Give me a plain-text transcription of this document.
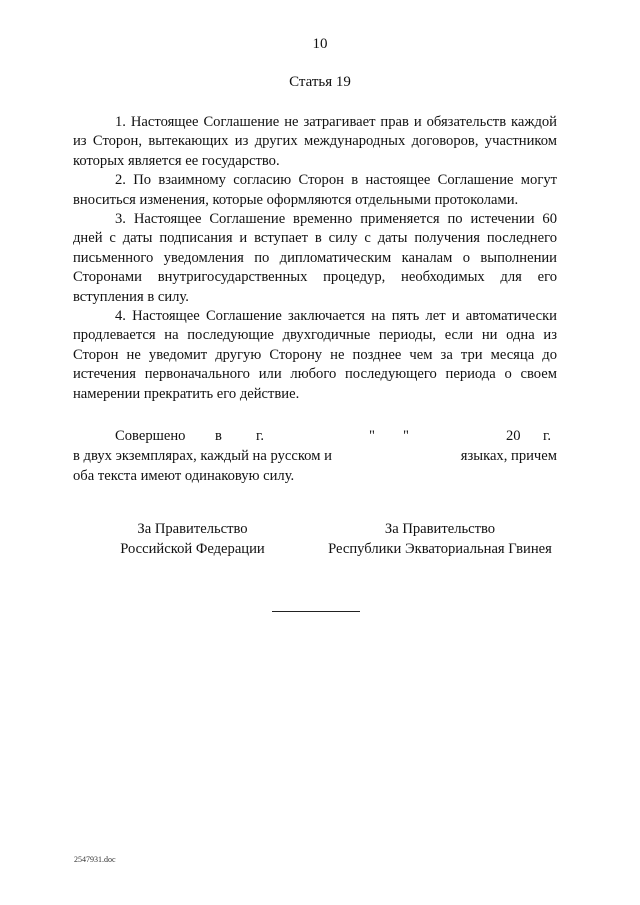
10
Статья 19

1. Настоящее Соглашение не затрагивает прав и обязательств каждой из Сторон, вытекающих из других международных договоров, участником которых является ее государство.

2. По взаимному согласию Сторон в настоящее Соглашение могут вноситься изменения, которые оформляются отдельными протоколами.

3. Настоящее Соглашение временно применяется по истечении 60 дней с даты подписания и вступает в силу с даты получения последнего письменного уведомления по дипломатическим каналам о выполнении Сторонами внутригосударственных процедур, необходимых для его вступления в силу.

4. Настоящее Соглашение заключается на пять лет и автоматически продлевается на последующие двухгодичные периоды, если ни одна из Сторон не уведомит другую Сторону не позднее чем за три месяца до истечения первоначального или любого последующего периода о своем намерении прекратить его действие.

Совершено в г.	" "	20 г.
в двух экземплярах, каждый на русском и	языках, причем
оба текста имеют одинаковую силу.
За Правительство
Российской Федерации
За Правительство
Республики Экваториальная Гвинея
2547931.doc
